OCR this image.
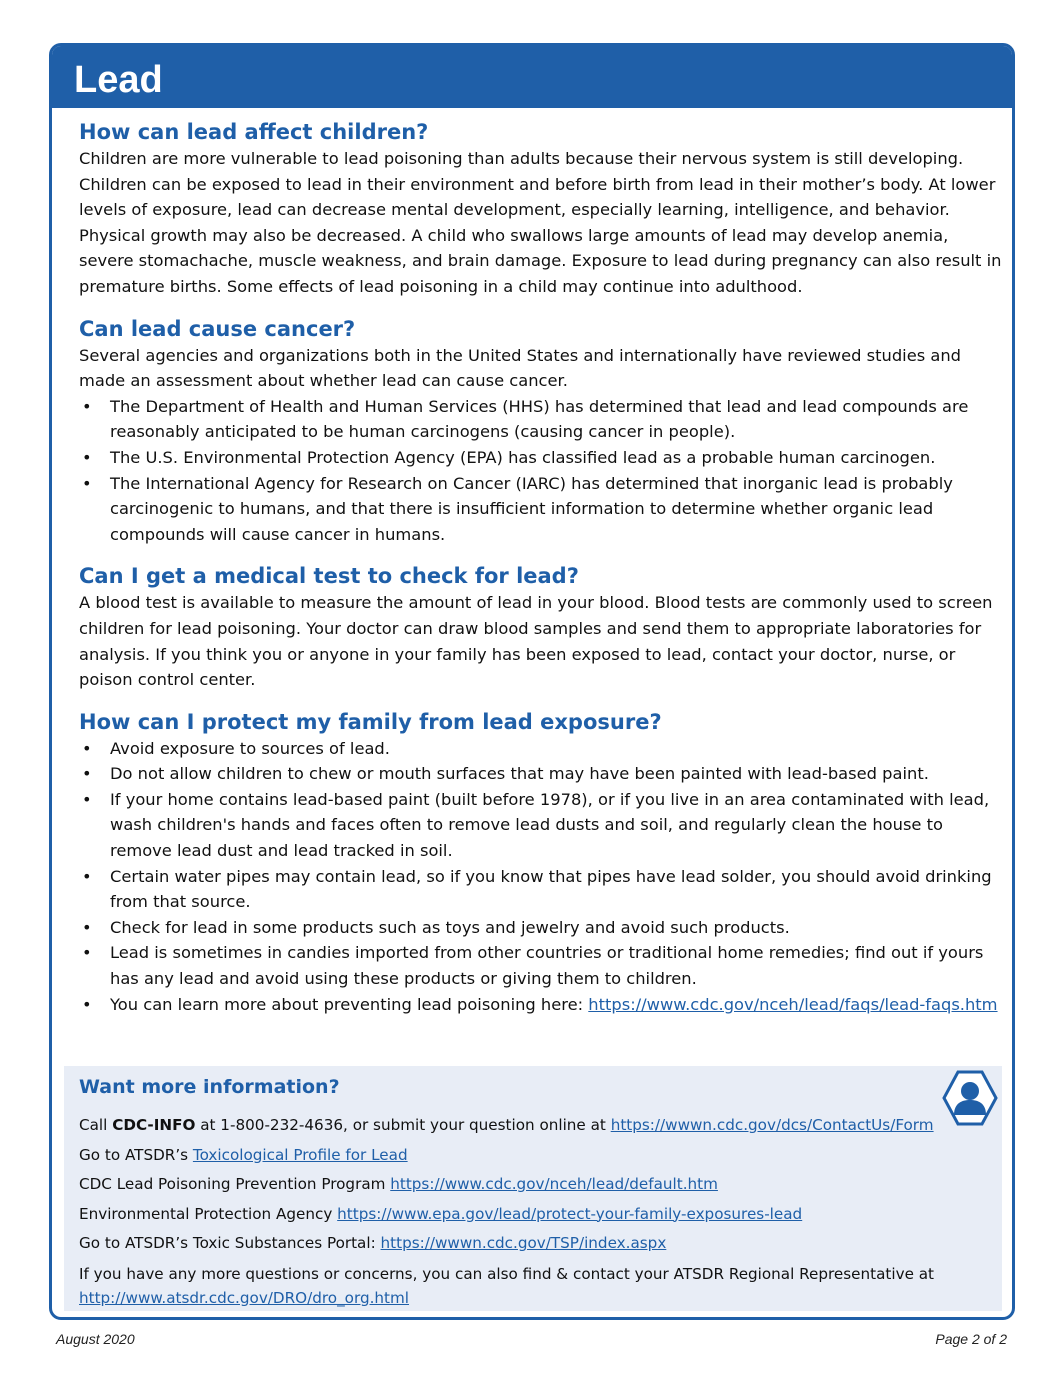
Lead
How can lead affect children?

Children are more vulnerable to lead poisoning than adults because their nervous system is still developing. Children can be exposed to lead in their environment and before birth from lead in their mother’s body. At lower levels of exposure, lead can decrease mental development, especially learning, intelligence, and behavior. Physical growth may also be decreased. A child who swallows large amounts of lead may develop anemia, severe stomachache, muscle weakness, and brain damage. Exposure to lead during pregnancy can also result in premature births. Some effects of lead poisoning in a child may continue into adulthood.

Can lead cause cancer?

Several agencies and organizations both in the United States and internationally have reviewed studies and made an assessment about whether lead can cause cancer.

• The Department of Health and Human Services (HHS) has determined that lead and lead compounds are reasonably anticipated to be human carcinogens (causing cancer in people).
• The U.S. Environmental Protection Agency (EPA) has classified lead as a probable human carcinogen.
• The International Agency for Research on Cancer (IARC) has determined that inorganic lead is probably carcinogenic to humans, and that there is insufficient information to determine whether organic lead compounds will cause cancer in humans.
Can I get a medical test to check for lead?

A blood test is available to measure the amount of lead in your blood. Blood tests are commonly used to screen children for lead poisoning. Your doctor can draw blood samples and send them to appropriate laboratories for analysis. If you think you or anyone in your family has been exposed to lead, contact your doctor, nurse, or poison control center.

How can I protect my family from lead exposure?
• Avoid exposure to sources of lead.
• Do not allow children to chew or mouth surfaces that may have been painted with lead-based paint.
• If your home contains lead-based paint (built before 1978), or if you live in an area contaminated with lead, wash children's hands and faces often to remove lead dusts and soil, and regularly clean the house to remove lead dust and lead tracked in soil.
• Certain water pipes may contain lead, so if you know that pipes have lead solder, you should avoid drinking from that source.
• Check for lead in some products such as toys and jewelry and avoid such products.
• Lead is sometimes in candies imported from other countries or traditional home remedies; find out if yours has any lead and avoid using these products or giving them to children.
• You can learn more about preventing lead poisoning here: https://www.cdc.gov/nceh/lead/faqs/lead-faqs.htm
Want more information?
Call CDC-INFO at 1-800-232-4636, or submit your question online at https://wwwn.cdc.gov/dcs/ContactUs/Form
Go to ATSDR’s Toxicological Profile for Lead
CDC Lead Poisoning Prevention Program https://www.cdc.gov/nceh/lead/default.htm
Environmental Protection Agency https://www.epa.gov/lead/protect-your-family-exposures-lead
Go to ATSDR’s Toxic Substances Portal: https://wwwn.cdc.gov/TSP/index.aspx
If you have any more questions or concerns, you can also find & contact your ATSDR Regional Representative at http://www.atsdr.cdc.gov/DRO/dro_org.html
August 2020	Page 2 of 2
